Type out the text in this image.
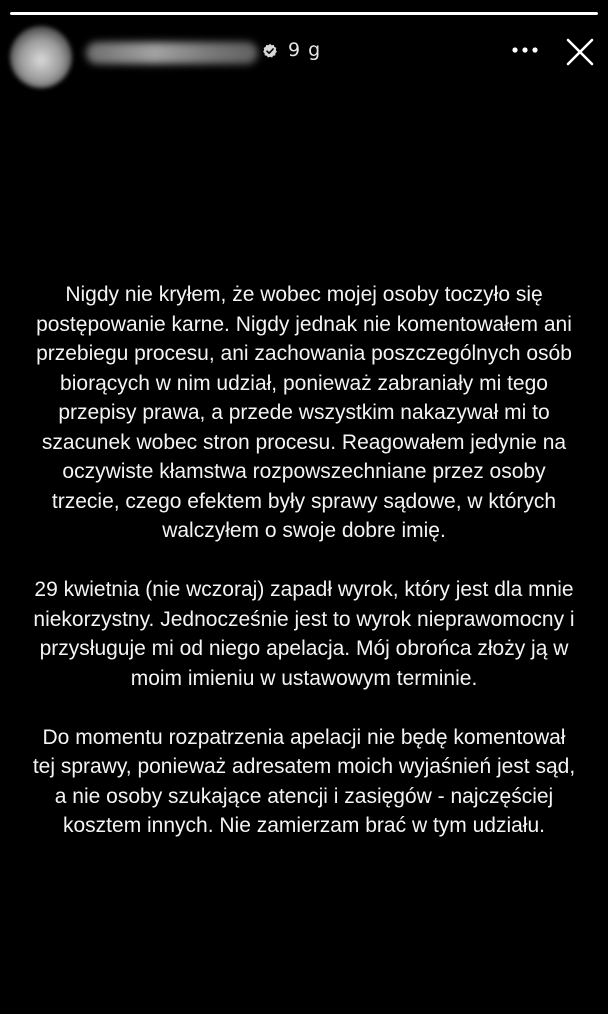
9 g

Nigdy nie kryłem, że wobec mojej osoby toczyło się postępowanie karne. Nigdy jednak nie komentowałem ani przebiegu procesu, ani zachowania poszczególnych osób biorących w nim udział, ponieważ zabraniały mi tego przepisy prawa, a przede wszystkim nakazywał mi to szacunek wobec stron procesu. Reagowałem jedynie na oczywiste kłamstwa rozpowszechniane przez osoby trzecie, czego efektem były sprawy sądowe, w których walczyłem o swoje dobre imię.

29 kwietnia (nie wczoraj) zapadł wyrok, który jest dla mnie niekorzystny. Jednocześnie jest to wyrok nieprawomocny i przysługuje mi od niego apelacja. Mój obrońca złoży ją w moim imieniu w ustawowym terminie.

Do momentu rozpatrzenia apelacji nie będę komentował tej sprawy, ponieważ adresatem moich wyjaśnień jest sąd, a nie osoby szukające atencji i zasięgów - najczęściej kosztem innych. Nie zamierzam brać w tym udziału.
